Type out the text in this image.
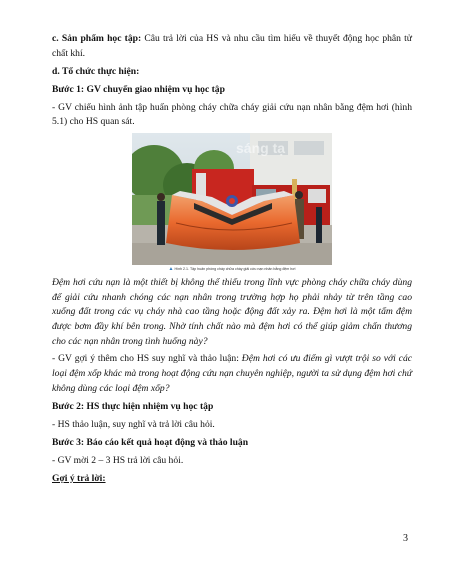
c. Sản phẩm học tập: Câu trả lời của HS và nhu cầu tìm hiểu về thuyết động học phân tử chất khí.

d. Tổ chức thực hiện:

Bước 1: GV chuyển giao nhiệm vụ học tập

- GV chiếu hình ảnh tập huấn phòng cháy chữa cháy giải cứu nạn nhân bằng đệm hơi (hình 5.1) cho HS quan sát.

sáng tạ
▲ Hình 2.1. Tập huấn phòng cháy chữa cháy giải cứu nạn nhân bằng đệm hơi

Đệm hơi cứu nạn là một thiết bị không thể thiếu trong lĩnh vực phòng cháy chữa cháy dùng để giải cứu nhanh chóng các nạn nhân trong trường hợp họ phải nhảy từ trên tầng cao xuống đất trong các vụ cháy nhà cao tầng hoặc động đất xảy ra. Đệm hơi là một tấm đệm được bơm đầy khí bên trong. Nhờ tính chất nào mà đệm hơi có thể giúp giảm chấn thương cho các nạn nhân trong tình huống này?

- GV gợi ý thêm cho HS suy nghĩ và thảo luận: Đệm hơi có ưu điểm gì vượt trội so với các loại đệm xốp khác mà trong hoạt động cứu nạn chuyên nghiệp, người ta sử dụng đệm hơi chứ không dùng các loại đệm xốp?

Bước 2: HS thực hiện nhiệm vụ học tập

- HS thảo luận, suy nghĩ và trả lời câu hỏi.

Bước 3: Báo cáo kết quả hoạt động và thảo luận

- GV mời 2 – 3 HS trả lời câu hỏi.

Gợi ý trả lời:

3
